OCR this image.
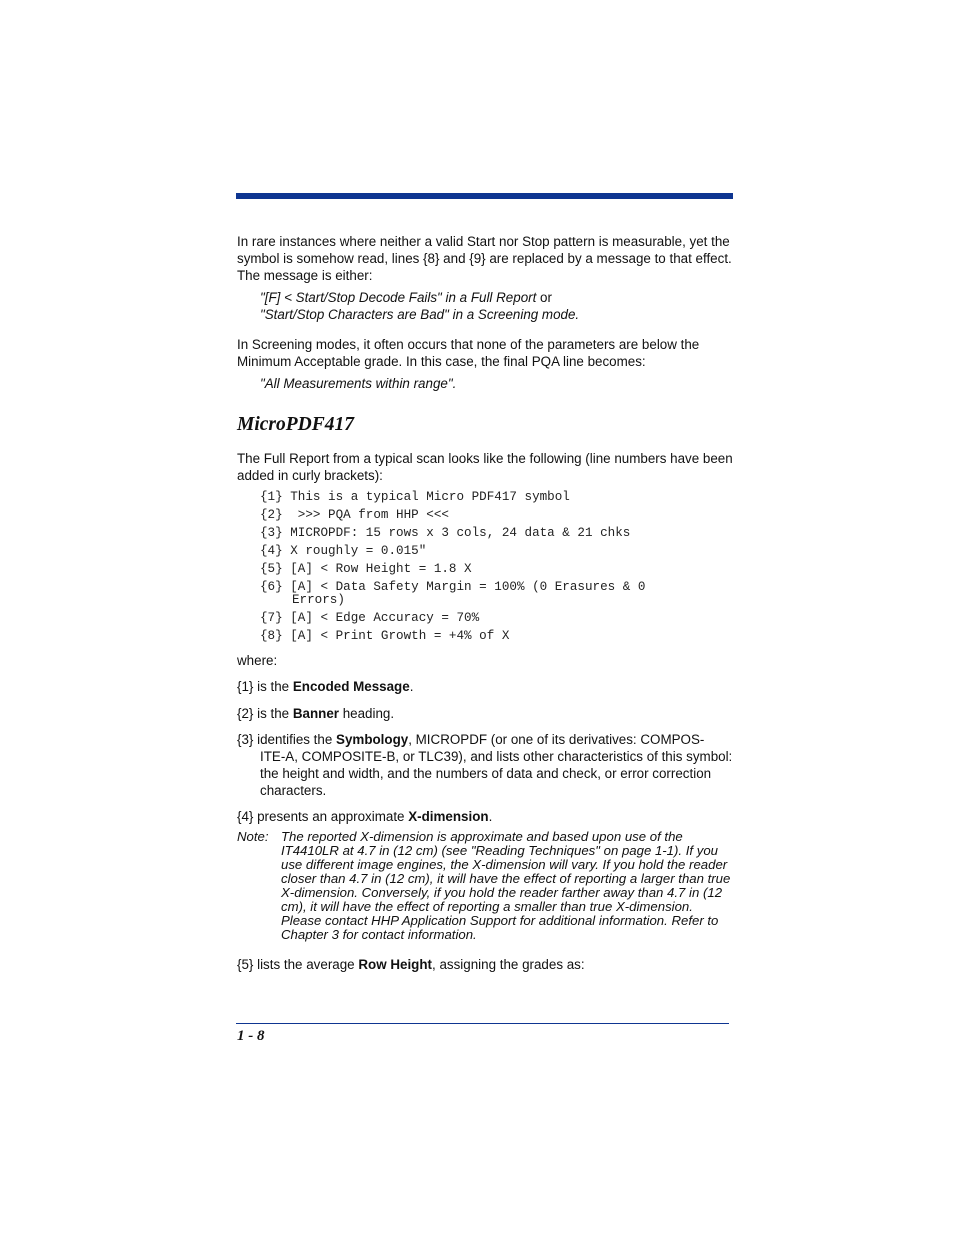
In rare instances where neither a valid Start nor Stop pattern is measurable, yet the symbol is somehow read, lines {8} and {9} are replaced by a message to that effect. The message is either:

"[F] < Start/Stop Decode Fails" in a Full Report or
"Start/Stop Characters are Bad" in a Screening mode.

In Screening modes, it often occurs that none of the parameters are below the Minimum Acceptable grade. In this case, the final PQA line becomes:

"All Measurements within range".
MicroPDF417

The Full Report from a typical scan looks like the following (line numbers have been added in curly brackets):

{1} This is a typical Micro PDF417 symbol
{2}  >>> PQA from HHP <<<
{3} MICROPDF: 15 rows x 3 cols, 24 data & 21 chks
{4} X roughly = 0.015"
{5} [A] < Row Height = 1.8 X
{6} [A] < Data Safety Margin = 100% (0 Erasures & 0
Errors)
{7} [A] < Edge Accuracy = 70%
{8} [A] < Print Growth = +4% of X

where:

{1} is the Encoded Message.
{2} is the Banner heading.
{3} identifies the Symbology, MICROPDF (or one of its derivatives: COMPOS-
ITE-A, COMPOSITE-B, or TLC39), and lists other characteristics of this symbol: the height and width, and the numbers of data and check, or error correction characters.
{4} presents an approximate X-dimension.
Note: The reported X-dimension is approximate and based upon use of the IT4410LR at 4.7 in (12 cm) (see "Reading Techniques" on page 1-1). If you use different image engines, the X-dimension will vary. If you hold the reader closer than 4.7 in (12 cm), it will have the effect of reporting a larger than true X-dimension. Conversely, if you hold the reader farther away than 4.7 in (12 cm), it will have the effect of reporting a smaller than true X-dimension. Please contact HHP Application Support for additional information. Refer to Chapter 3 for contact information.
{5} lists the average Row Height, assigning the grades as:
1 - 8
